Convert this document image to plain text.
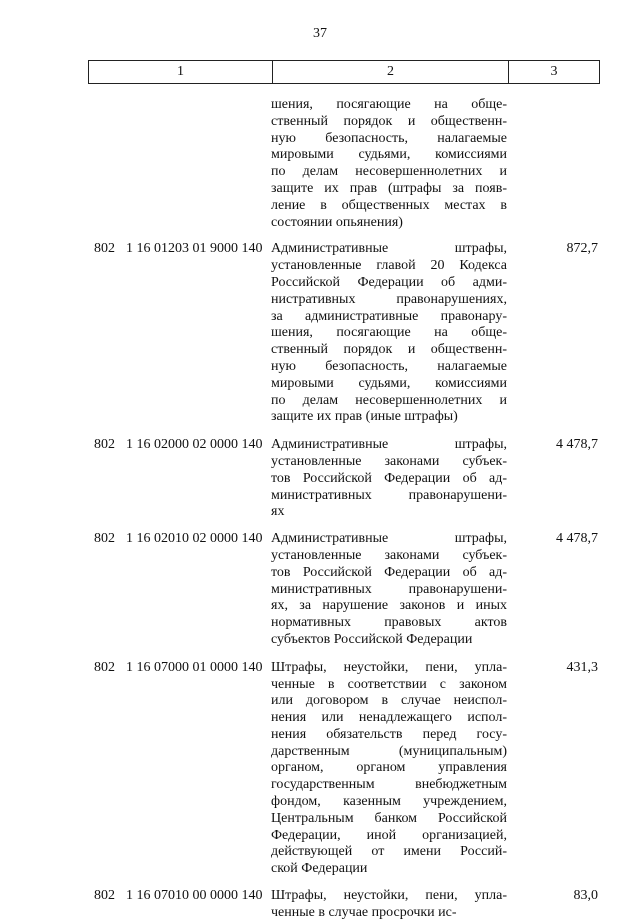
37
1	2	3
шения, посягающие на обще-
ственный порядок и общественн-
ную безопасность, налагаемые
мировыми судьями, комиссиями
по делам несовершеннолетних и
защите их прав (штрафы за появ-
ление в общественных местах в
состоянии опьянения)
802 1 16 01203 01 9000 140 Административные штрафы,
установленные главой 20 Кодекса
Российской Федерации об адми-
нистративных правонарушениях,
за административные правонару-
шения, посягающие на обще-
ственный порядок и общественн-
ную безопасность, налагаемые
мировыми судьями, комиссиями
по делам несовершеннолетних и
защите их прав (иные штрафы)
872,7
802 1 16 02000 02 0000 140 Административные штрафы,
установленные законами субъек-
тов Российской Федерации об ад-
министративных правонарушени-
ях
4 478,7
802 1 16 02010 02 0000 140 Административные штрафы,
установленные законами субъек-
тов Российской Федерации об ад-
министративных правонарушени-
ях, за нарушение законов и иных
нормативных правовых актов
субъектов Российской Федерации
4 478,7
802 1 16 07000 01 0000 140 Штрафы, неустойки, пени, упла-
ченные в соответствии с законом
или договором в случае неиспол-
нения или ненадлежащего испол-
нения обязательств перед госу-
дарственным (муниципальным)
органом, органом управления
государственным внебюджетным
фондом, казенным учреждением,
Центральным банком Российской
Федерации, иной организацией,
действующей от имени Россий-
ской Федерации
431,3
802 1 16 07010 00 0000 140 Штрафы, неустойки, пени, упла-
ченные в случае просрочки ис-
83,0
